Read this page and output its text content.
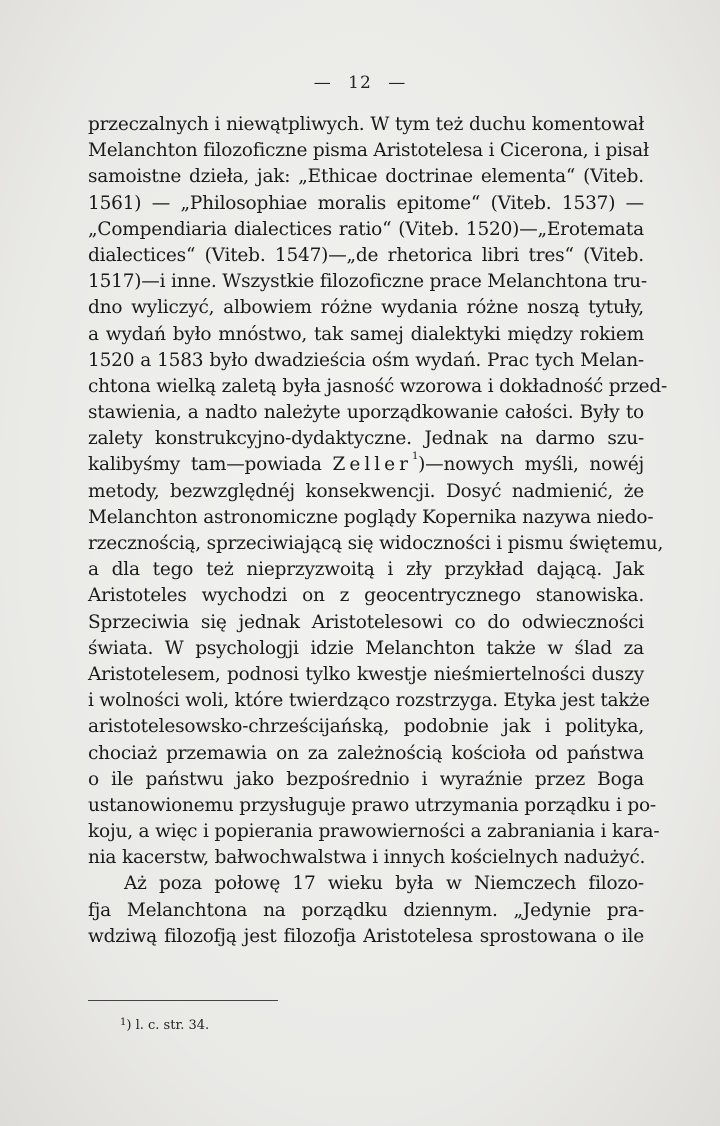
— 12 —
przeczalnych i niewątpliwych. W tym też duchu komentował
Melanchton filozoficzne pisma Aristotelesa i Cicerona, i pisał
samoistne dzieła, jak: „Ethicae doctrinae elementa“ (Viteb.
1561) — „Philosophiae moralis epitome“ (Viteb. 1537) —
„Compendiaria dialectices ratio“ (Viteb. 1520)—„Erotemata
dialectices“ (Viteb. 1547)—„de rhetorica libri tres“ (Viteb.
1517)—i inne. Wszystkie filozoficzne prace Melanchtona tru-
dno wyliczyć, albowiem różne wydania różne noszą tytuły,
a wydań było mnóstwo, tak samej dialektyki między rokiem
1520 a 1583 było dwadzieścia ośm wydań. Prac tych Melan-
chtona wielką zaletą była jasność wzorowa i dokładność przed-
stawienia, a nadto należyte uporządkowanie całości. Były to
zalety konstrukcyjno-dydaktyczne. Jednak na darmo szu-
kalibyśmy tam—powiada Zeller$^1$)—nowych myśli, nowéj
metody, bezwzględnéj konsekwencji. Dosyć nadmienić, że
Melanchton astronomiczne poglądy Kopernika nazywa niedo-
rzecznością, sprzeciwiającą się widoczności i pismu świętemu,
a dla tego też nieprzyzwoitą i zły przykład dającą. Jak
Aristoteles wychodzi on z geocentrycznego stanowiska.
Sprzeciwia się jednak Aristotelesowi co do odwieczności
świata. W psychologji idzie Melanchton także w ślad za
Aristotelesem, podnosi tylko kwestje nieśmiertelności duszy
i wolności woli, które twierdząco rozstrzyga. Etyka jest także
aristotelesowsko-chrześcijańską, podobnie jak i polityka,
chociaż przemawia on za zależnością kościoła od państwa
o ile państwu jako bezpośrednio i wyraźnie przez Boga
ustanowionemu przysługuje prawo utrzymania porządku i po-
koju, a więc i popierania prawowierności a zabraniania i kara-
nia kacerstw, bałwochwalstwa i innych kościelnych nadużyć.
Aż poza połowę 17 wieku była w Niemczech filozo-
fja Melanchtona na porządku dziennym. „Jedynie pra-
wdziwą filozofją jest filozofja Aristotelesa sprostowana o ile
$^1$) l. c. str. 34.
